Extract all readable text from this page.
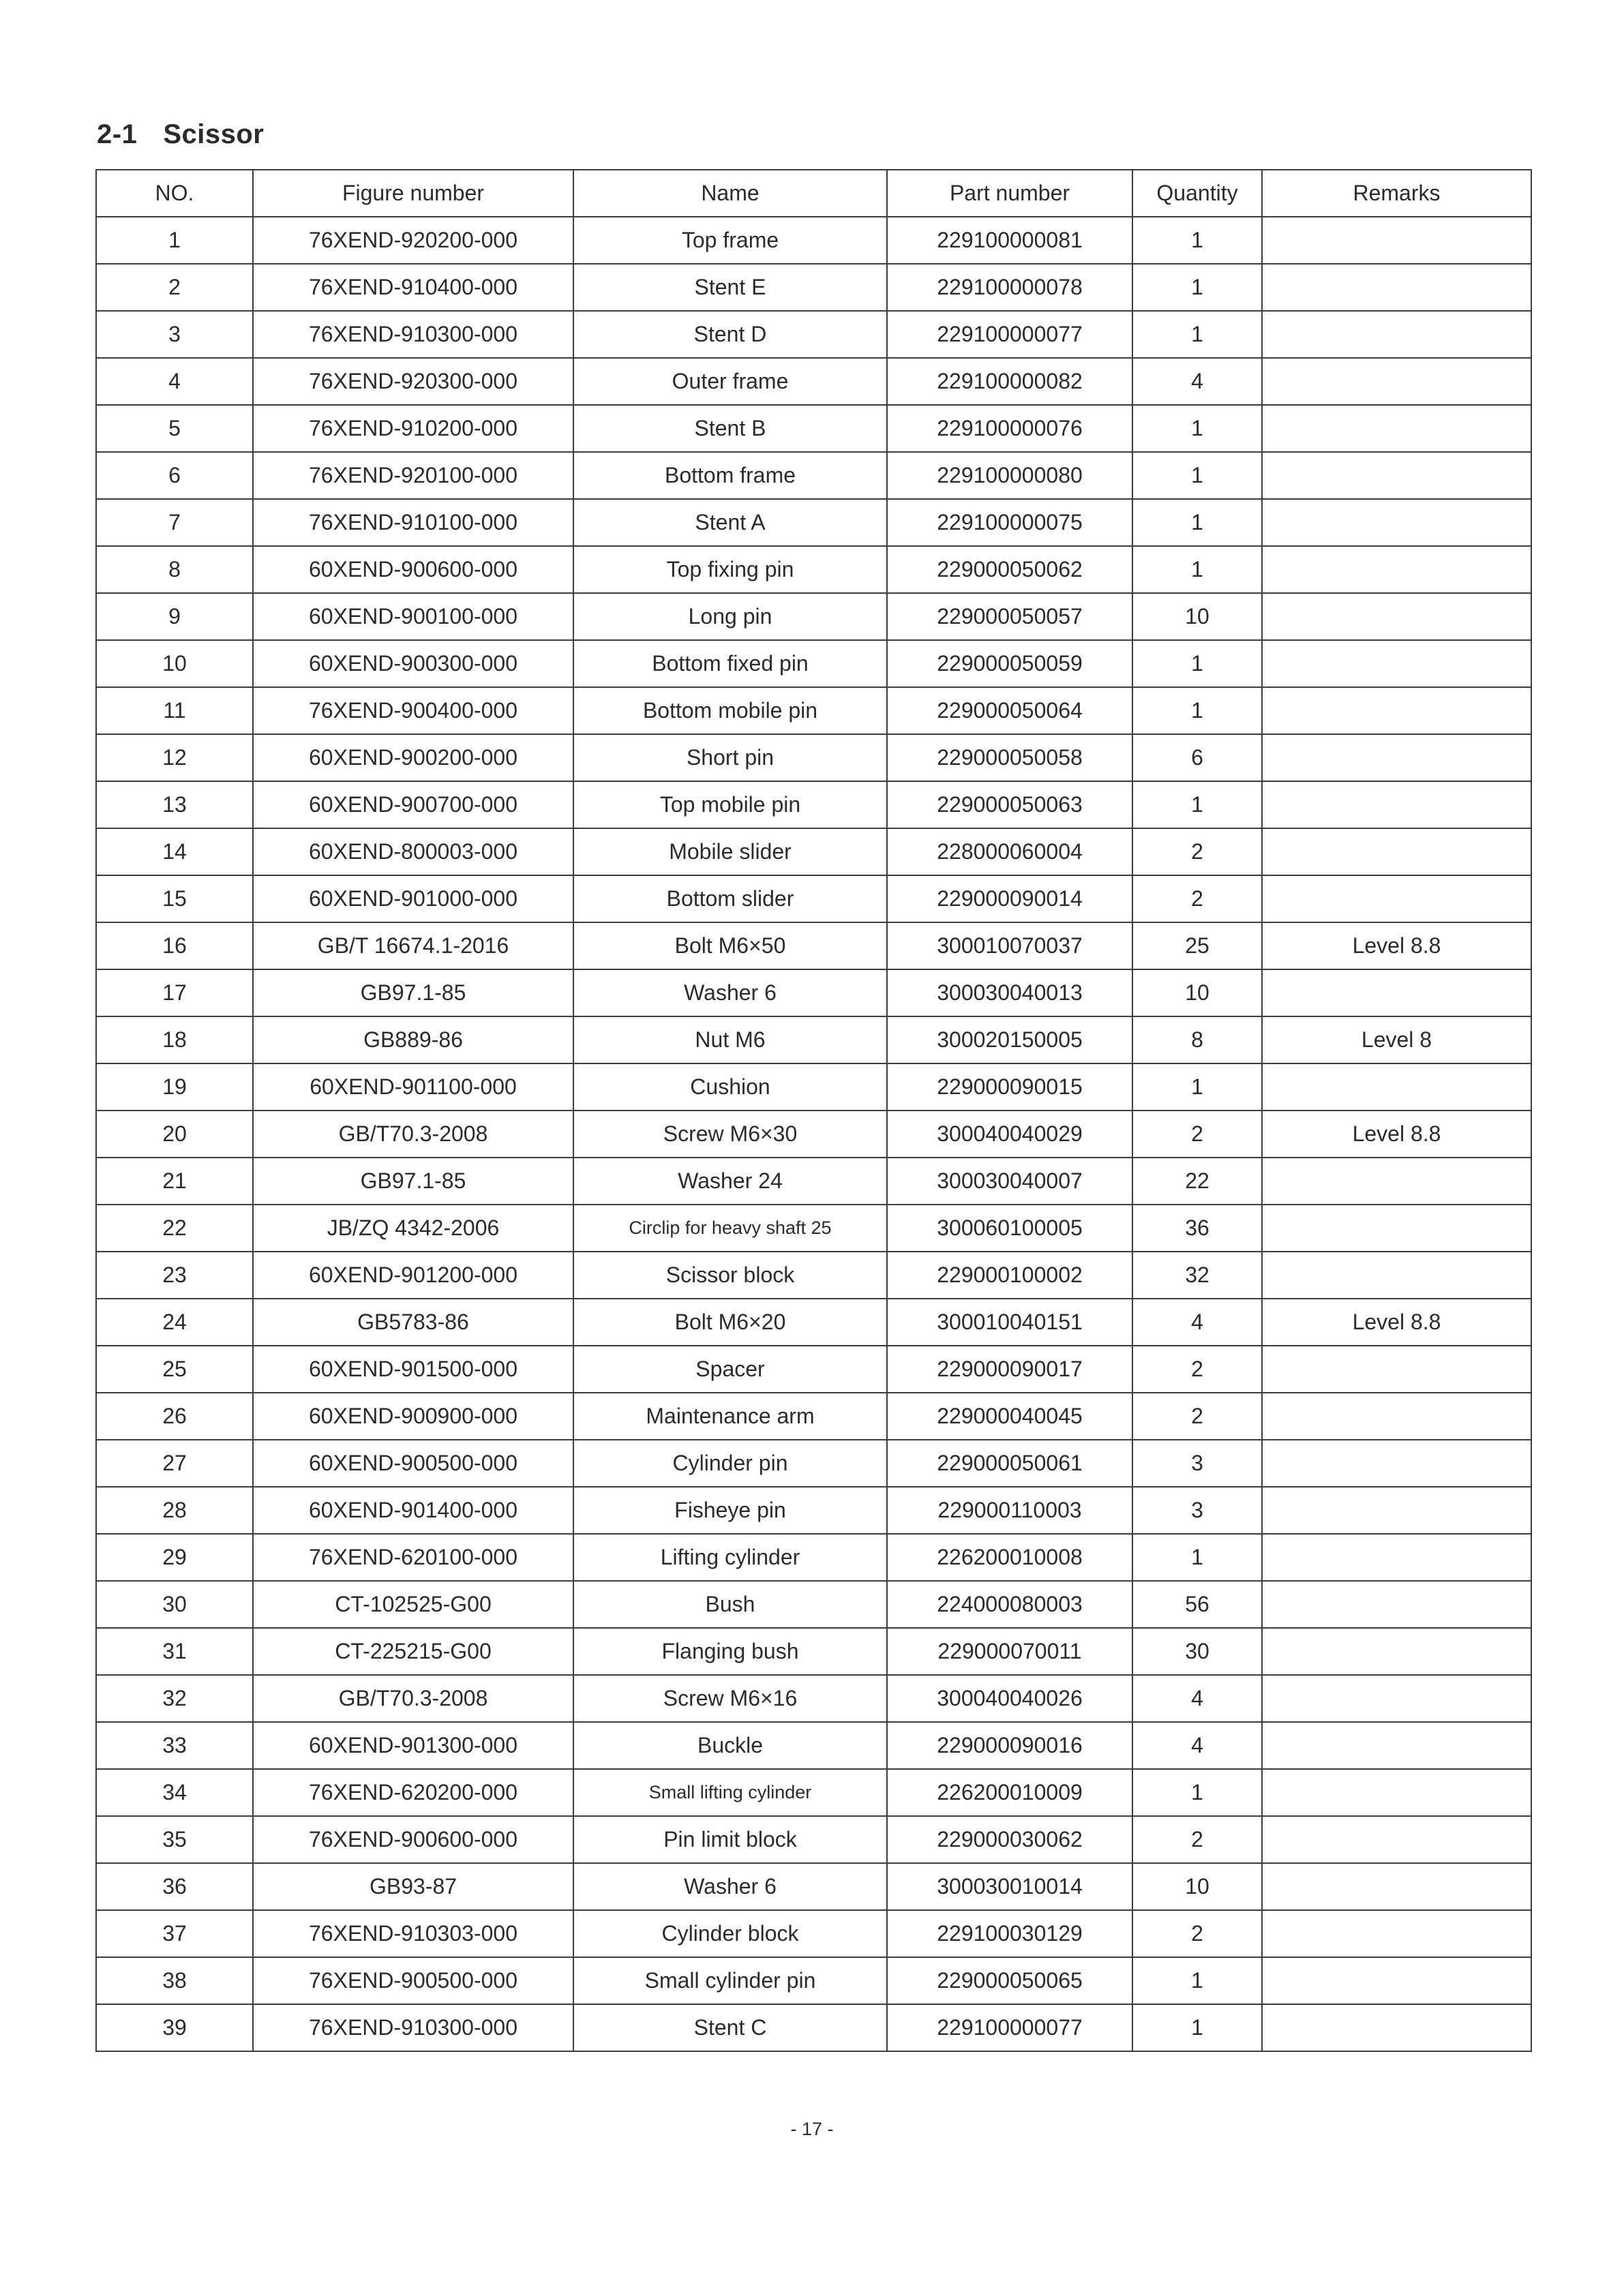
2-1 Scissor
NO.	Figure number	Name	Part number	Quantity	Remarks
1	76XEND-920200-000	Top frame	229100000081	1	
2	76XEND-910400-000	Stent E	229100000078	1	
3	76XEND-910300-000	Stent D	229100000077	1	
4	76XEND-920300-000	Outer frame	229100000082	4	
5	76XEND-910200-000	Stent B	229100000076	1	
6	76XEND-920100-000	Bottom frame	229100000080	1	
7	76XEND-910100-000	Stent A	229100000075	1	
8	60XEND-900600-000	Top fixing pin	229000050062	1	
9	60XEND-900100-000	Long pin	229000050057	10	
10	60XEND-900300-000	Bottom fixed pin	229000050059	1	
11	76XEND-900400-000	Bottom mobile pin	229000050064	1	
12	60XEND-900200-000	Short pin	229000050058	6	
13	60XEND-900700-000	Top mobile pin	229000050063	1	
14	60XEND-800003-000	Mobile slider	228000060004	2	
15	60XEND-901000-000	Bottom slider	229000090014	2	
16	GB/T 16674.1-2016	Bolt M6×50	300010070037	25	Level 8.8
17	GB97.1-85	Washer 6	300030040013	10	
18	GB889-86	Nut M6	300020150005	8	Level 8
19	60XEND-901100-000	Cushion	229000090015	1	
20	GB/T70.3-2008	Screw M6×30	300040040029	2	Level 8.8
21	GB97.1-85	Washer 24	300030040007	22	
22	JB/ZQ 4342-2006	Circlip for heavy shaft 25	300060100005	36	
23	60XEND-901200-000	Scissor block	229000100002	32	
24	GB5783-86	Bolt M6×20	300010040151	4	Level 8.8
25	60XEND-901500-000	Spacer	229000090017	2	
26	60XEND-900900-000	Maintenance arm	229000040045	2	
27	60XEND-900500-000	Cylinder pin	229000050061	3	
28	60XEND-901400-000	Fisheye pin	229000110003	3	
29	76XEND-620100-000	Lifting cylinder	226200010008	1	
30	CT-102525-G00	Bush	224000080003	56	
31	CT-225215-G00	Flanging bush	229000070011	30	
32	GB/T70.3-2008	Screw M6×16	300040040026	4	
33	60XEND-901300-000	Buckle	229000090016	4	
34	76XEND-620200-000	Small lifting cylinder	226200010009	1	
35	76XEND-900600-000	Pin limit block	229000030062	2	
36	GB93-87	Washer 6	300030010014	10	
37	76XEND-910303-000	Cylinder block	229100030129	2	
38	76XEND-900500-000	Small cylinder pin	229000050065	1	
39	76XEND-910300-000	Stent C	229100000077	1	
- 17 -
